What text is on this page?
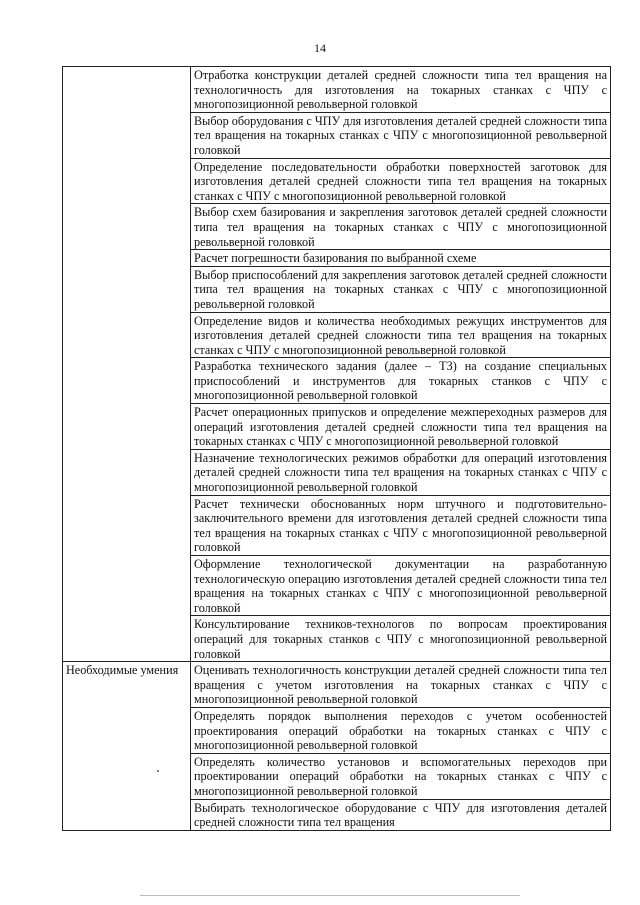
14
	Отработка конструкции деталей средней сложности типа тел вращения на технологичность для изготовления на токарных станках с ЧПУ с многопозиционной револьверной головкой
	Выбор оборудования с ЧПУ для изготовления деталей средней сложности типа тел вращения на токарных станках с ЧПУ с многопозиционной револьверной головкой
	Определение последовательности обработки поверхностей заготовок для изготовления деталей средней сложности типа тел вращения на токарных станках с ЧПУ с многопозиционной револьверной головкой
	Выбор схем базирования и закрепления заготовок деталей средней сложности типа тел вращения на токарных станках с ЧПУ с многопозиционной револьверной головкой
	Расчет погрешности базирования по выбранной схеме
	Выбор приспособлений для закрепления заготовок деталей средней сложности типа тел вращения на токарных станках с ЧПУ с многопозиционной револьверной головкой
	Определение видов и количества необходимых режущих инструментов для изготовления деталей средней сложности типа тел вращения на токарных станках с ЧПУ с многопозиционной револьверной головкой
	Разработка технического задания (далее – ТЗ) на создание специальных приспособлений и инструментов для токарных станков с ЧПУ с многопозиционной револьверной головкой
	Расчет операционных припусков и определение межпереходных размеров для операций изготовления деталей средней сложности типа тел вращения на токарных станках с ЧПУ с многопозиционной револьверной головкой
	Назначение технологических режимов обработки для операций изготовления деталей средней сложности типа тел вращения на токарных станках с ЧПУ с многопозиционной револьверной головкой
	Расчет технически обоснованных норм штучного и подготовительно-заключительного времени для изготовления деталей средней сложности типа тел вращения на токарных станках с ЧПУ с многопозиционной револьверной головкой
	Оформление технологической документации на разработанную технологическую операцию изготовления деталей средней сложности типа тел вращения на токарных станках с ЧПУ с многопозиционной револьверной головкой
	Консультирование техников-технологов по вопросам проектирования операций для токарных станков с ЧПУ с многопозиционной револьверной головкой
Необходимые умения	Оценивать технологичность конструкции деталей средней сложности типа тел вращения с учетом изготовления на токарных станках с ЧПУ с многопозиционной револьверной головкой
	Определять порядок выполнения переходов с учетом особенностей проектирования операций обработки на токарных станках с ЧПУ с многопозиционной револьверной головкой
	Определять количество установов и вспомогательных переходов при проектировании операций обработки на токарных станках с ЧПУ с многопозиционной револьверной головкой
	Выбирать технологическое оборудование с ЧПУ для изготовления деталей средней сложности типа тел вращения
